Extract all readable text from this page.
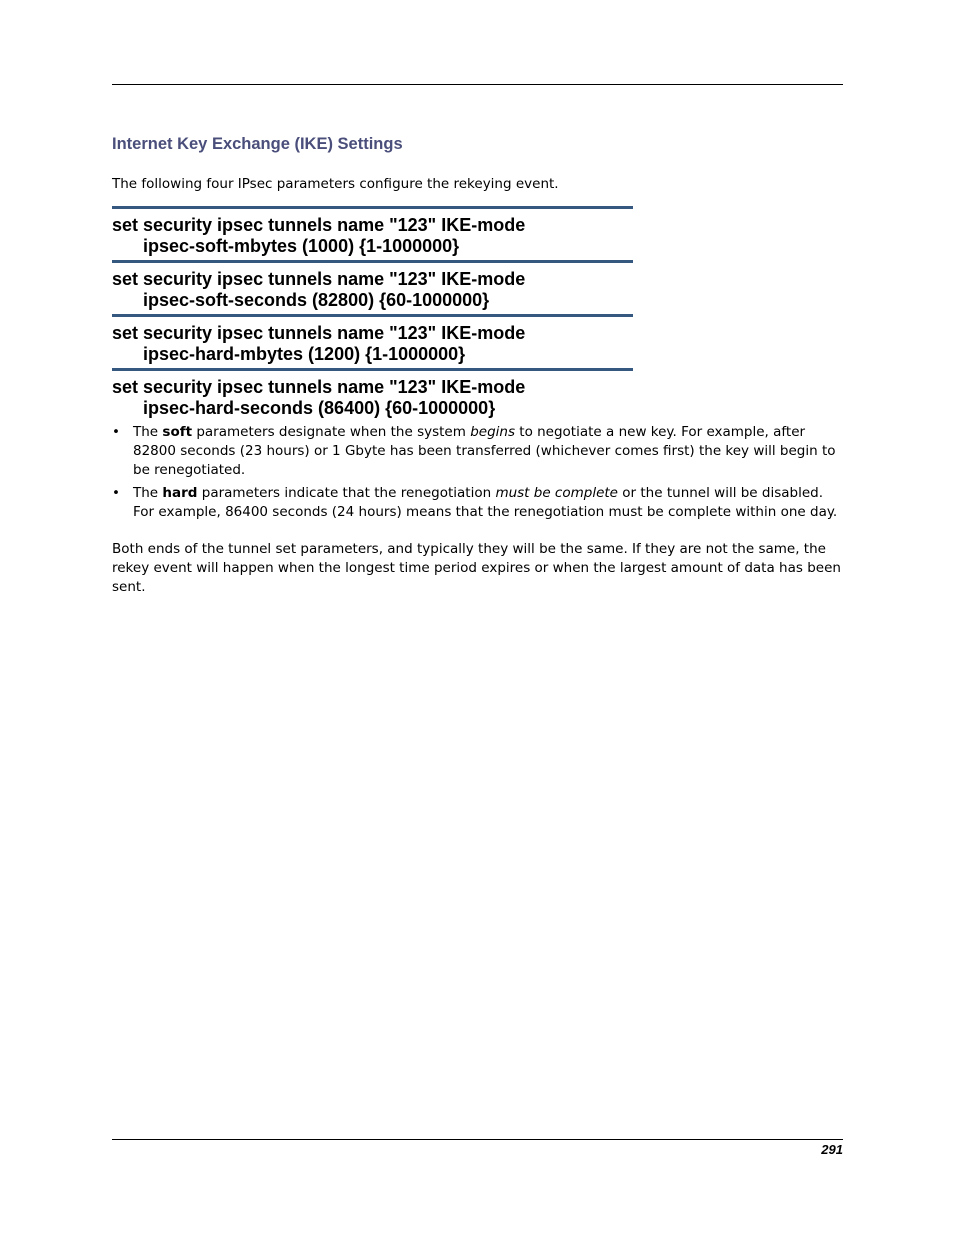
Internet Key Exchange (IKE) Settings

The following four IPsec parameters configure the rekeying event.

set security ipsec tunnels name "123" IKE-mode
ipsec-soft-mbytes (1000) {1-1000000}
set security ipsec tunnels name "123" IKE-mode
ipsec-soft-seconds (82800) {60-1000000}
set security ipsec tunnels name "123" IKE-mode
ipsec-hard-mbytes (1200) {1-1000000}
set security ipsec tunnels name "123" IKE-mode
ipsec-hard-seconds (86400) {60-1000000}
• The soft parameters designate when the system begins to negotiate a new key. For example, after 82800 seconds (23 hours) or 1 Gbyte has been transferred (whichever comes first) the key will begin to be renegotiated.
• The hard parameters indicate that the renegotiation must be complete or the tunnel will be disabled. For example, 86400 seconds (24 hours) means that the renegotiation must be complete within one day.

Both ends of the tunnel set parameters, and typically they will be the same. If they are not the same, the rekey event will happen when the longest time period expires or when the largest amount of data has been sent.

291
